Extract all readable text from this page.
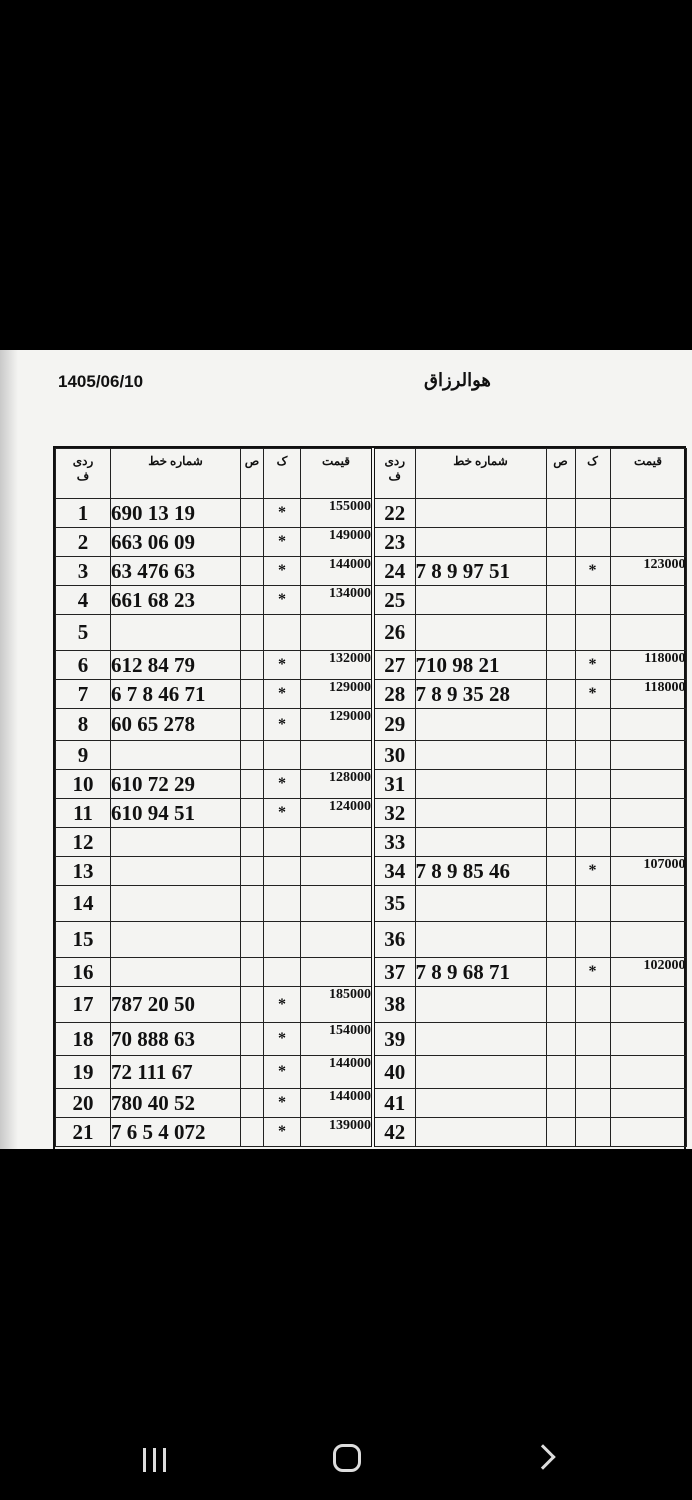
1405/06/10	هوالرزاق
ردی
ف	شماره خط	ص	ک	قیمت
1	690 13 19		*	155000
2	663 06 09		*	149000
3	63 476 63		*	144000
4	661 68 23		*	134000
5				
6	612 84 79		*	132000
7	6 7 8 46 71		*	129000
8	60 65 278		*	129000
9				
10	610 72 29		*	128000
11	610 94 51		*	124000
12				
13				
14				
15				
16				
17	787 20 50		*	185000
18	70 888 63		*	154000
19	72 111 67		*	144000
20	780 40 52		*	144000
21	7 6 5 4 072		*	139000
ردی
ف	شماره خط	ص	ک	قیمت
22				
23				
24	7 8 9 97 51		*	123000
25				
26				
27	710 98 21		*	118000
28	7 8 9 35 28		*	118000
29				
30				
31				
32				
33				
34	7 8 9 85 46		*	107000
35				
36				
37	7 8 9 68 71		*	102000
38				
39				
40				
41				
42				
